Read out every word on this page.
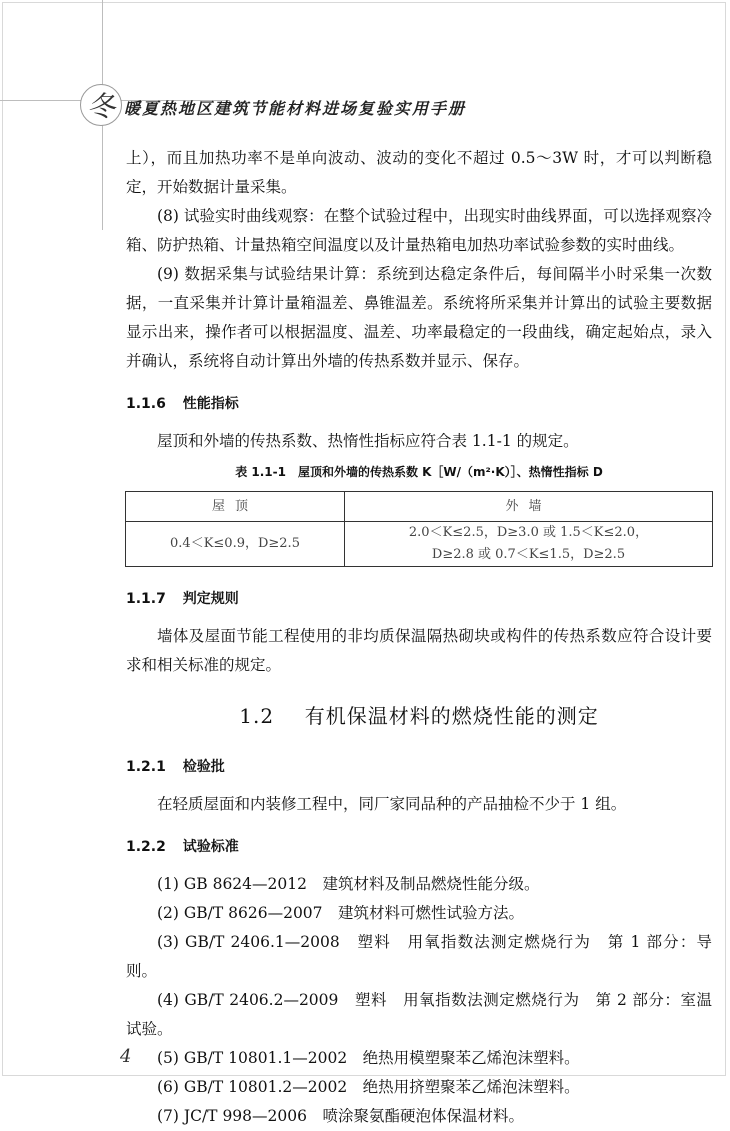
冬 暖夏热地区建筑节能材料进场复验实用手册

上），而且加热功率不是单向波动、波动的变化不超过 0.5～3W 时，才可以判断稳定，开始数据计量采集。

(8) 试验实时曲线观察：在整个试验过程中，出现实时曲线界面，可以选择观察冷箱、防护热箱、计量热箱空间温度以及计量热箱电加热功率试验参数的实时曲线。

(9) 数据采集与试验结果计算：系统到达稳定条件后，每间隔半小时采集一次数据，一直采集并计算计量箱温差、鼻锥温差。系统将所采集并计算出的试验主要数据显示出来，操作者可以根据温度、温差、功率最稳定的一段曲线，确定起始点，录入并确认，系统将自动计算出外墙的传热系数并显示、保存。

1.1.6 性能指标

屋顶和外墙的传热系数、热惰性指标应符合表 1.1-1 的规定。

表 1.1-1　屋顶和外墙的传热系数 K［W/（m²·K）］、热惰性指标 D
屋顶	外墙
0.4＜K≤0.9，D≥2.5	2.0＜K≤2.5，D≥3.0 或 1.5＜K≤2.0，
D≥2.8 或 0.7＜K≤1.5，D≥2.5
1.1.7 判定规则

墙体及屋面节能工程使用的非均质保温隔热砌块或构件的传热系数应符合设计要求和相关标准的规定。

1.2 有机保温材料的燃烧性能的测定
1.2.1 检验批

在轻质屋面和内装修工程中，同厂家同品种的产品抽检不少于 1 组。

1.2.2 试验标准
(1) GB 8624—2012　建筑材料及制品燃烧性能分级。
(2) GB/T 8626—2007　建筑材料可燃性试验方法。
(3) GB/T 2406.1—2008　塑料　用氧指数法测定燃烧行为　第 1 部分：导则。
(4) GB/T 2406.2—2009　塑料　用氧指数法测定燃烧行为　第 2 部分：室温试验。
(5) GB/T 10801.1—2002　绝热用模塑聚苯乙烯泡沫塑料。
(6) GB/T 10801.2—2002　绝热用挤塑聚苯乙烯泡沫塑料。
(7) JC/T 998—2006　喷涂聚氨酯硬泡体保温材料。
4
